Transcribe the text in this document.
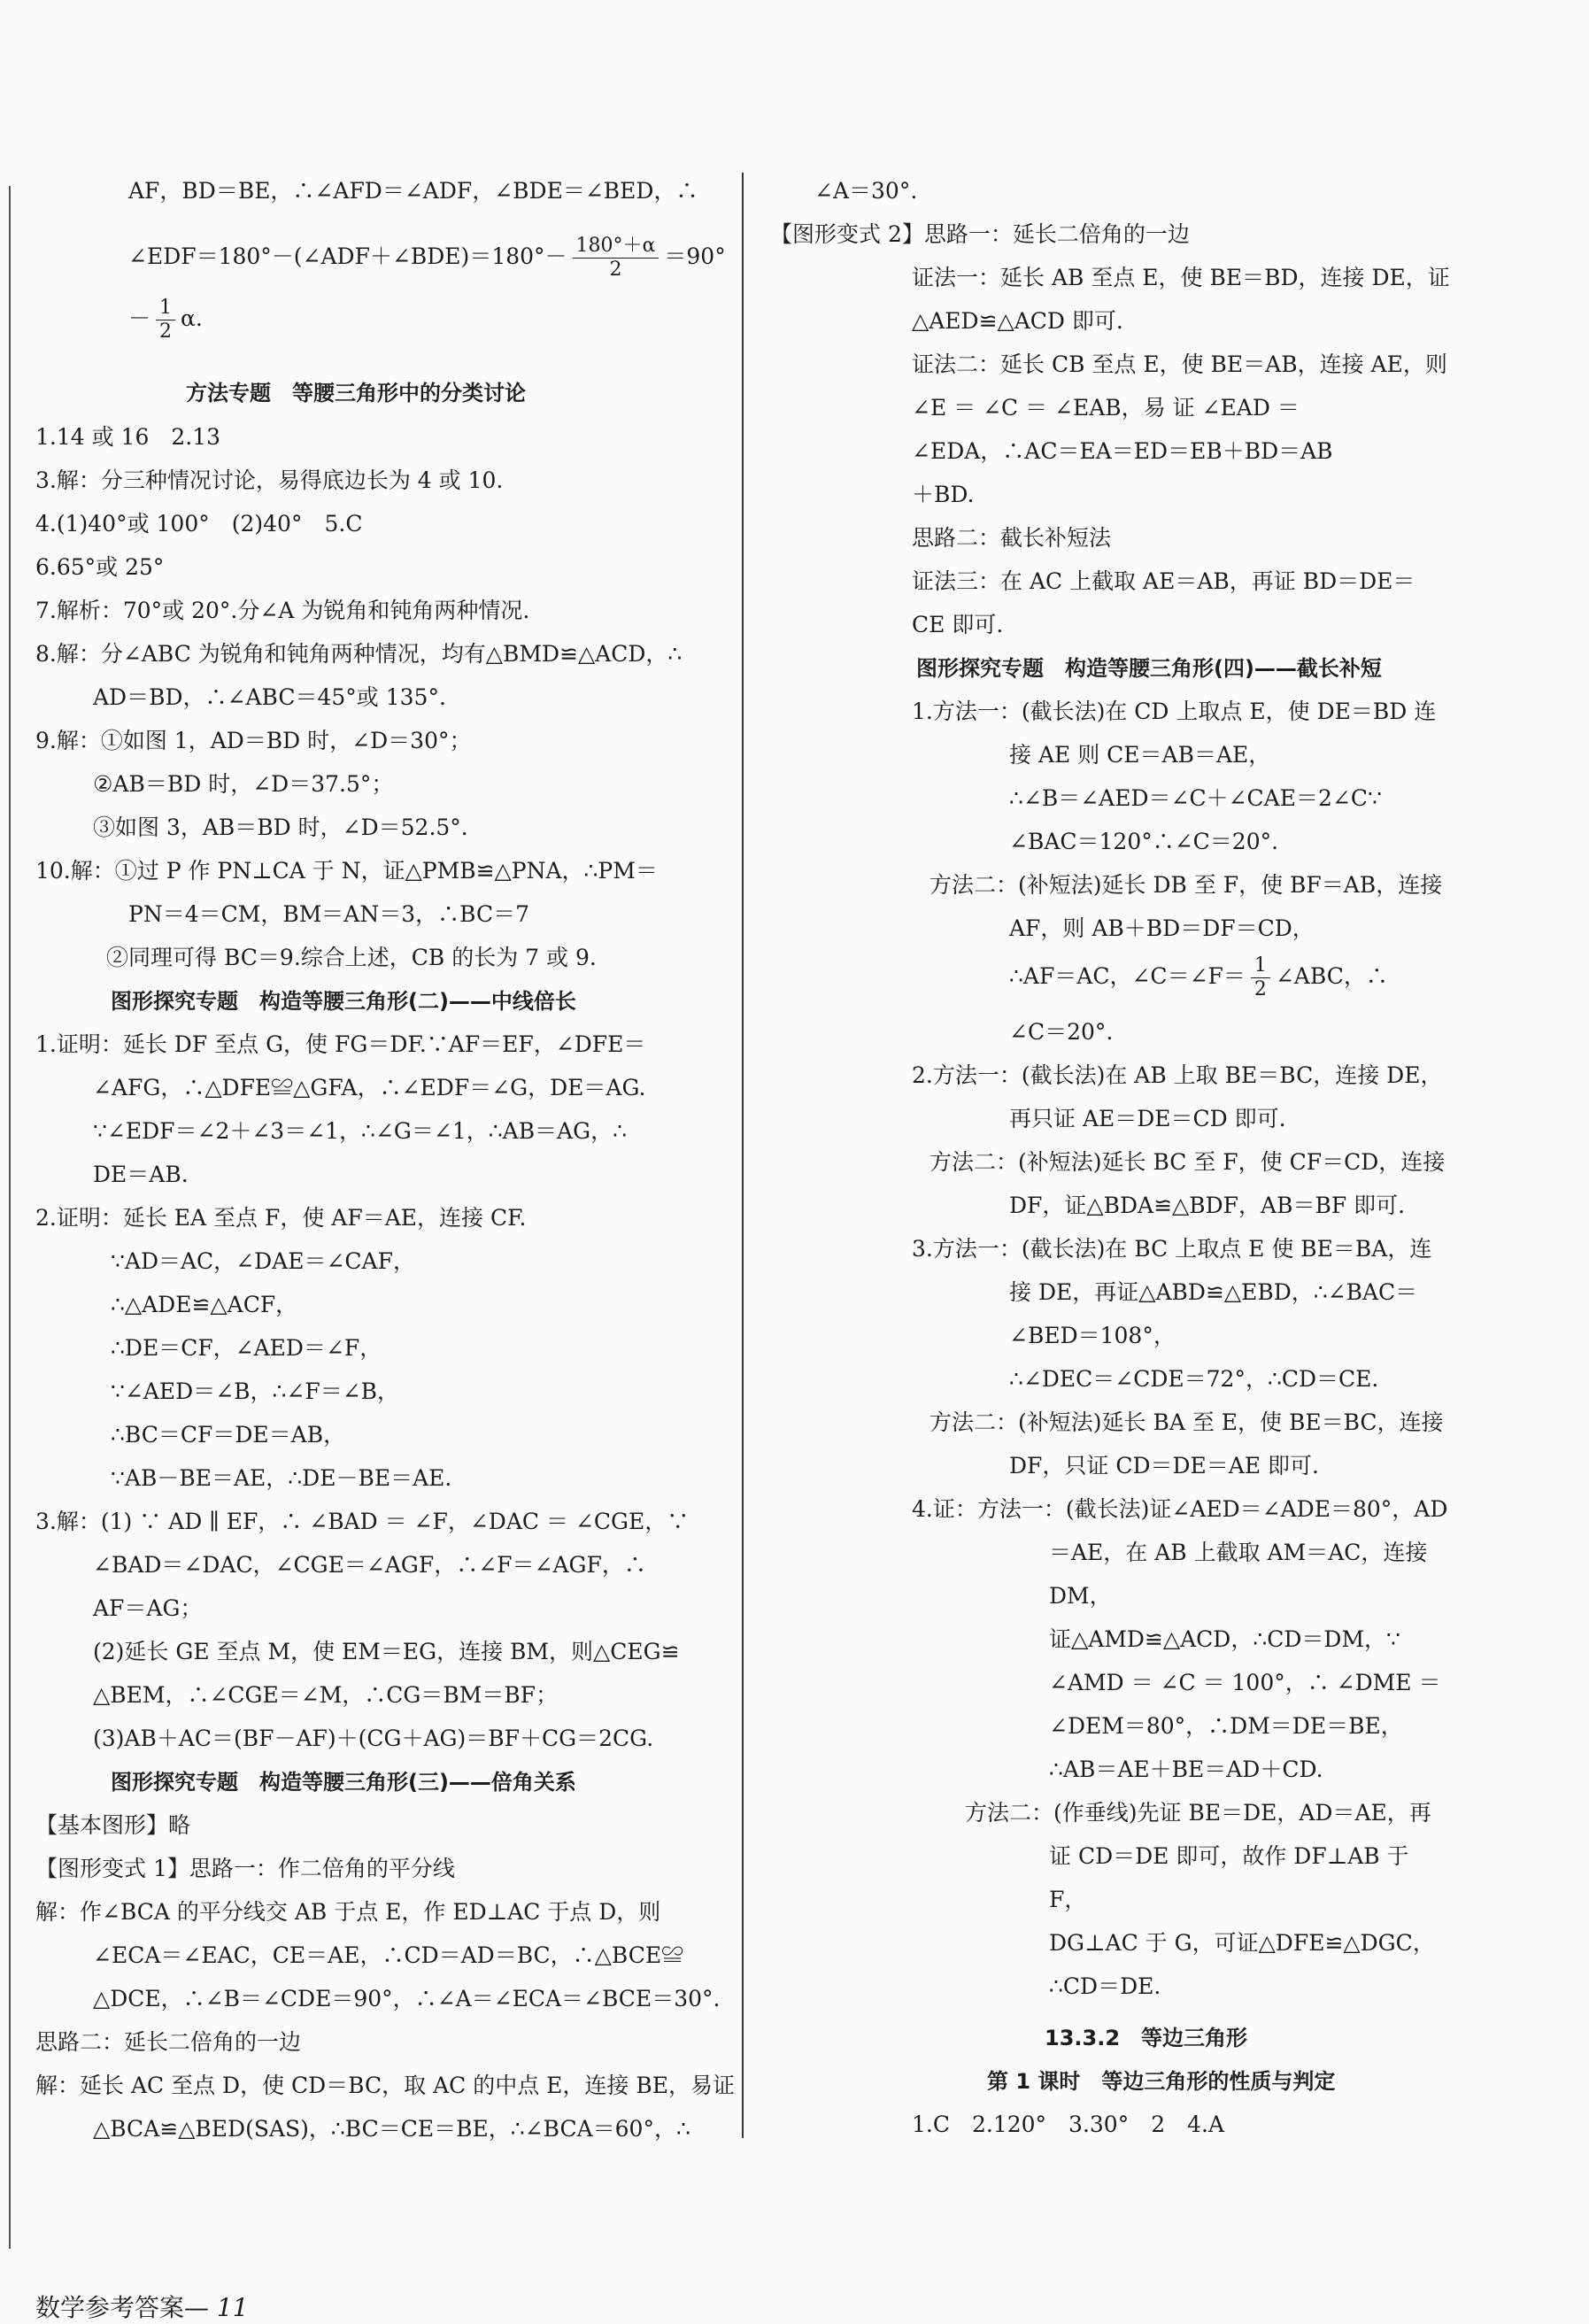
AF，BD＝BE，∴∠AFD＝∠ADF，∠BDE＝∠BED，∴
∠EDF＝180°－(∠ADF＋∠BDE)＝180°－ $\frac{180^\circ+\alpha}{2} =90^\circ$
－ $\frac{1}{2} \alpha$.
方法专题　等腰三角形中的分类讨论
1.14 或 16　2.13
3.解：分三种情况讨论，易得底边长为 4 或 10.
4.(1)40°或 100°　(2)40°　5.C
6.65°或 25°
7.解析：70°或 20°.分∠A 为锐角和钝角两种情况.
8.解：分∠ABC 为锐角和钝角两种情况，均有△BMD≌△ACD，∴
AD＝BD，∴∠ABC＝45°或 135°.
9.解：①如图 1，AD＝BD 时，∠D＝30°；
②AB＝BD 时，∠D＝37.5°；
③如图 3，AB＝BD 时，∠D＝52.5°.
10.解：①过 P 作 PN⊥CA 于 N，证△PMB≌△PNA，∴PM＝
PN＝4＝CM，BM＝AN＝3，∴BC＝7
②同理可得 BC＝9.综合上述，CB 的长为 7 或 9.
图形探究专题　构造等腰三角形(二)——中线倍长
1.证明：延长 DF 至点 G，使 FG＝DF.∵AF＝EF，∠DFE＝
∠AFG，∴△DFE≌△GFA，∴∠EDF＝∠G，DE＝AG.
∵∠EDF＝∠2＋∠3＝∠1，∴∠G＝∠1，∴AB＝AG，∴
DE＝AB.
2.证明：延长 EA 至点 F，使 AF＝AE，连接 CF.
∵AD＝AC，∠DAE＝∠CAF，
∴△ADE≌△ACF，
∴DE＝CF，∠AED＝∠F，
∵∠AED＝∠B，∴∠F＝∠B，
∴BC＝CF＝DE＝AB，
∵AB－BE＝AE，∴DE－BE＝AE.
3.解：(1) ∵ AD ∥ EF，∴ ∠BAD ＝ ∠F，∠DAC ＝ ∠CGE，∵
∠BAD＝∠DAC，∠CGE＝∠AGF，∴∠F＝∠AGF，∴
AF＝AG；
(2)延长 GE 至点 M，使 EM＝EG，连接 BM，则△CEG≌
△BEM，∴∠CGE＝∠M，∴CG＝BM＝BF；
(3)AB＋AC＝(BF－AF)＋(CG＋AG)＝BF＋CG＝2CG.
图形探究专题　构造等腰三角形(三)——倍角关系
【基本图形】略
【图形变式 1】思路一：作二倍角的平分线
解：作∠BCA 的平分线交 AB 于点 E，作 ED⊥AC 于点 D，则
∠ECA＝∠EAC，CE＝AE，∴CD＝AD＝BC，∴△BCE≌
△DCE，∴∠B＝∠CDE＝90°，∴∠A＝∠ECA＝∠BCE＝30°.
思路二：延长二倍角的一边
解：延长 AC 至点 D，使 CD＝BC，取 AC 的中点 E，连接 BE，易证
△BCA≌△BED(SAS)，∴BC＝CE＝BE，∴∠BCA＝60°，∴
数学参考答案— 11
∠A＝30°.
【图形变式 2】思路一：延长二倍角的一边
证法一：延长 AB 至点 E，使 BE＝BD，连接 DE，证
△AED≌△ACD 即可.
证法二：延长 CB 至点 E，使 BE＝AB，连接 AE，则
∠E ＝ ∠C ＝ ∠EAB，易 证 ∠EAD ＝
∠EDA，∴AC＝EA＝ED＝EB＋BD＝AB
＋BD.
思路二：截长补短法
证法三：在 AC 上截取 AE＝AB，再证 BD＝DE＝
CE 即可.
图形探究专题　构造等腰三角形(四)——截长补短
1.方法一：(截长法)在 CD 上取点 E，使 DE＝BD 连
接 AE 则 CE＝AB＝AE，
∴∠B＝∠AED＝∠C＋∠CAE＝2∠C∵
∠BAC＝120°∴∠C＝20°.
方法二：(补短法)延长 DB 至 F，使 BF＝AB，连接
AF，则 AB＋BD＝DF＝CD，
∴AF＝AC，∠C＝∠F＝ $\frac{1}{2}$ ∠ABC，∴
∠C＝20°.
2.方法一：(截长法)在 AB 上取 BE＝BC，连接 DE，
再只证 AE＝DE＝CD 即可.
方法二：(补短法)延长 BC 至 F，使 CF＝CD，连接
DF，证△BDA≌△BDF，AB＝BF 即可.
3.方法一：(截长法)在 BC 上取点 E 使 BE＝BA，连
接 DE，再证△ABD≌△EBD，∴∠BAC＝
∠BED＝108°，
∴∠DEC＝∠CDE＝72°，∴CD＝CE.
方法二：(补短法)延长 BA 至 E，使 BE＝BC，连接
DF，只证 CD＝DE＝AE 即可.
4.证：方法一：(截长法)证∠AED＝∠ADE＝80°，AD
＝AE，在 AB 上截取 AM＝AC，连接
DM，
证△AMD≌△ACD，∴CD＝DM，∵
∠AMD ＝ ∠C ＝ 100°，∴ ∠DME ＝
∠DEM＝80°，∴DM＝DE＝BE，
∴AB＝AE＋BE＝AD＋CD.
方法二：(作垂线)先证 BE＝DE，AD＝AE，再
证 CD＝DE 即可，故作 DF⊥AB 于
F，
DG⊥AC 于 G，可证△DFE≌△DGC，
∴CD＝DE.
13.3.2　等边三角形
第 1 课时　等边三角形的性质与判定
1.C　2.120°　3.30°　2　4.A
